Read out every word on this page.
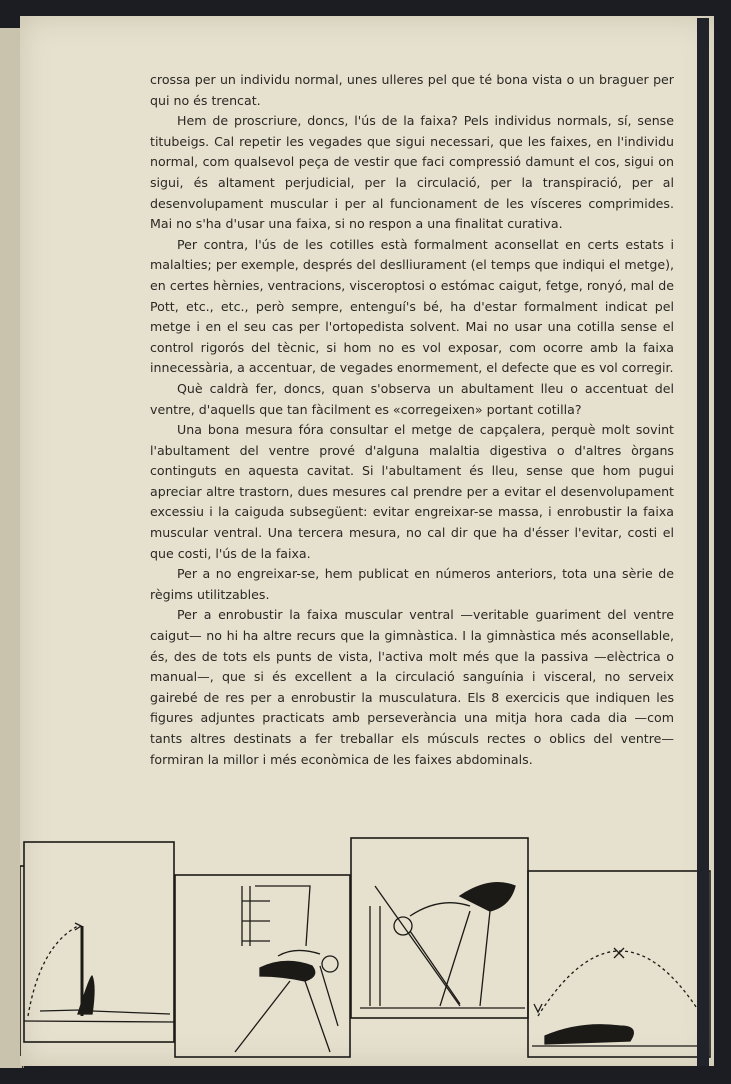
crossa per un individu normal, unes ulleres pel que té bona vista o un braguer per qui no és trencat.

Hem de proscriure, doncs, l'ús de la faixa? Pels individus normals, sí, sense titubeigs. Cal repetir les vegades que sigui necessari, que les faixes, en l'individu normal, com qualsevol peça de vestir que faci compressió damunt el cos, sigui on sigui, és altament perjudicial, per la circulació, per la transpiració, per al desenvolupament muscular i per al funcionament de les vísceres comprimides. Mai no s'ha d'usar una faixa, si no respon a una finalitat curativa.

Per contra, l'ús de les cotilles està formalment aconsellat en certs estats i malalties; per exemple, després del deslliurament (el temps que indiqui el metge), en certes hèrnies, ventracions, visceroptosi o estómac caigut, fetge, ronyó, mal de Pott, etc., etc., però sempre, entenguí's bé, ha d'estar formalment indicat pel metge i en el seu cas per l'ortopedista solvent. Mai no usar una cotilla sense el control rigorós del tècnic, si hom no es vol exposar, com ocorre amb la faixa innecessària, a accentuar, de vegades enormement, el defecte que es vol corregir.

Què caldrà fer, doncs, quan s'observa un abultament lleu o accentuat del ventre, d'aquells que tan fàcilment es «corregeixen» portant cotilla?

Una bona mesura fóra consultar el metge de capçalera, perquè molt sovint l'abultament del ventre prové d'alguna malaltia digestiva o d'altres òrgans continguts en aquesta cavitat. Si l'abultament és lleu, sense que hom pugui apreciar altre trastorn, dues mesures cal prendre per a evitar el desenvolupament excessiu i la caiguda subsegüent: evitar engreixar-se massa, i enrobustir la faixa muscular ventral. Una tercera mesura, no cal dir que ha d'ésser l'evitar, costi el que costi, l'ús de la faixa.

Per a no engreixar-se, hem publicat en números anteriors, tota una sèrie de règims utilitzables.

Per a enrobustir la faixa muscular ventral —veritable guariment del ventre caigut— no hi ha altre recurs que la gimnàstica. I la gimnàstica més aconsellable, és, des de tots els punts de vista, l'activa molt més que la passiva —elèctrica o manual—, que si és excellent a la circulació sanguínia i visceral, no serveix gairebé de res per a enrobustir la musculatura. Els 8 exercicis que indiquen les figures adjuntes practicats amb perseverància una mitja hora cada dia —com tants altres destinats a fer treballar els músculs rectes o oblics del ventre— formiran la millor i més econòmica de les faixes abdominals.
